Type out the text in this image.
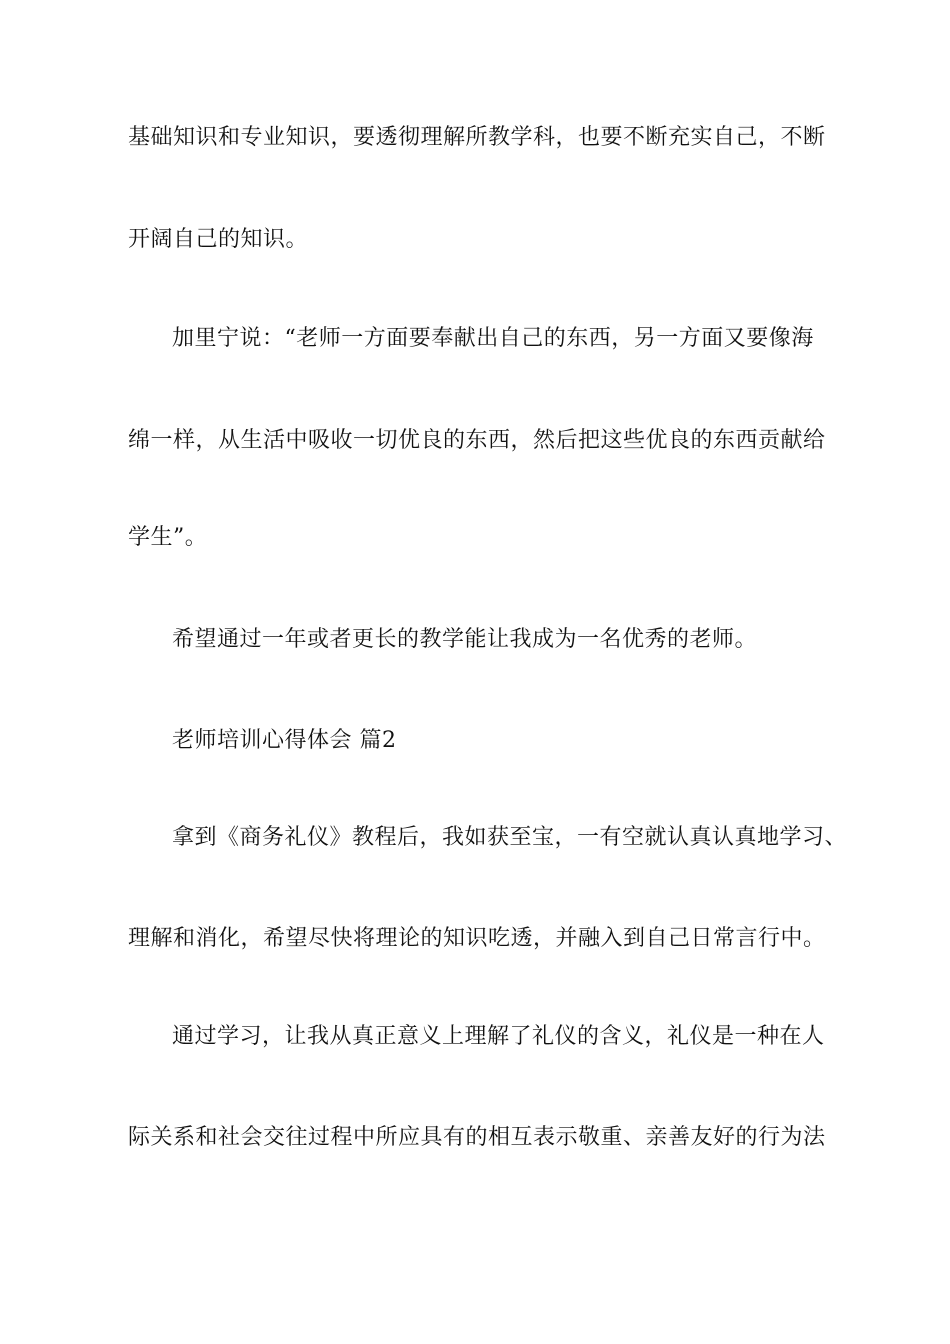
基础知识和专业知识，要透彻理解所教学科，也要不断充实自己，不断
开阔自己的知识。
加里宁说：“老师一方面要奉献出自己的东西，另一方面又要像海
绵一样，从生活中吸收一切优良的东西，然后把这些优良的东西贡献给
学生”。
希望通过一年或者更长的教学能让我成为一名优秀的老师。
老师培训心得体会 篇2
拿到《商务礼仪》教程后，我如获至宝，一有空就认真认真地学习、
理解和消化，希望尽快将理论的知识吃透，并融入到自己日常言行中。
通过学习，让我从真正意义上理解了礼仪的含义，礼仪是一种在人
际关系和社会交往过程中所应具有的相互表示敬重、亲善友好的行为法
